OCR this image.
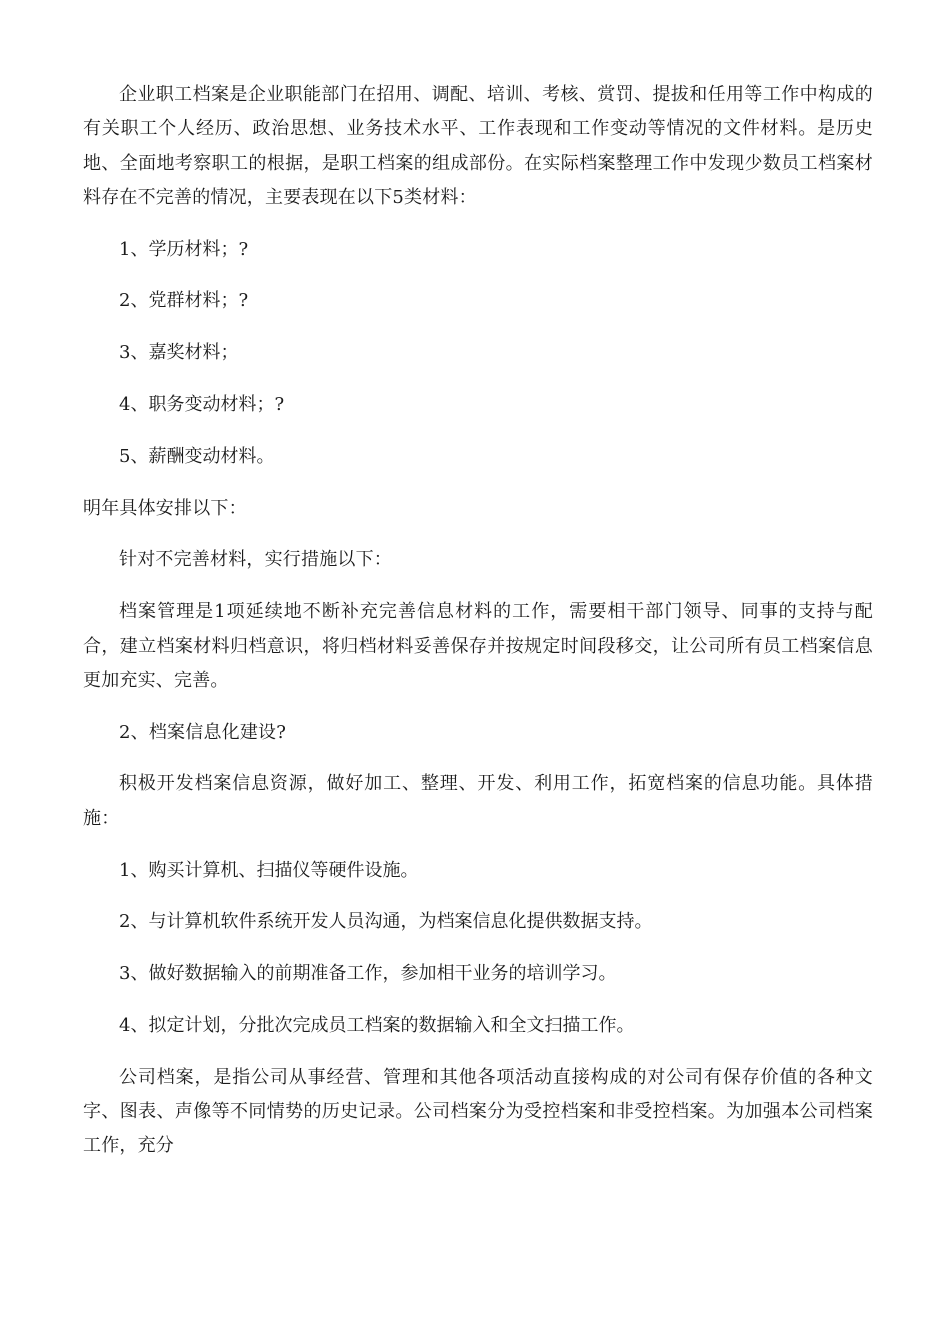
企业职工档案是企业职能部门在招用、调配、培训、考核、赏罚、提拔和任用等工作中构成的有关职工个人经历、政治思想、业务技术水平、工作表现和工作变动等情况的文件材料。是历史地、全面地考察职工的根据，是职工档案的组成部份。在实际档案整理工作中发现少数员工档案材料存在不完善的情况，主要表现在以下5类材料：

1、学历材料；?

2、党群材料；?

3、嘉奖材料；

4、职务变动材料；?

5、薪酬变动材料。

明年具体安排以下：

针对不完善材料，实行措施以下：

档案管理是1项延续地不断补充完善信息材料的工作，需要相干部门领导、同事的支持与配合，建立档案材料归档意识，将归档材料妥善保存并按规定时间段移交，让公司所有员工档案信息更加充实、完善。

2、档案信息化建设?

积极开发档案信息资源，做好加工、整理、开发、利用工作，拓宽档案的信息功能。具体措施：

1、购买计算机、扫描仪等硬件设施。

2、与计算机软件系统开发人员沟通，为档案信息化提供数据支持。

3、做好数据输入的前期准备工作，参加相干业务的培训学习。

4、拟定计划，分批次完成员工档案的数据输入和全文扫描工作。

公司档案，是指公司从事经营、管理和其他各项活动直接构成的对公司有保存价值的各种文字、图表、声像等不同情势的历史记录。公司档案分为受控档案和非受控档案。为加强本公司档案工作，充分
